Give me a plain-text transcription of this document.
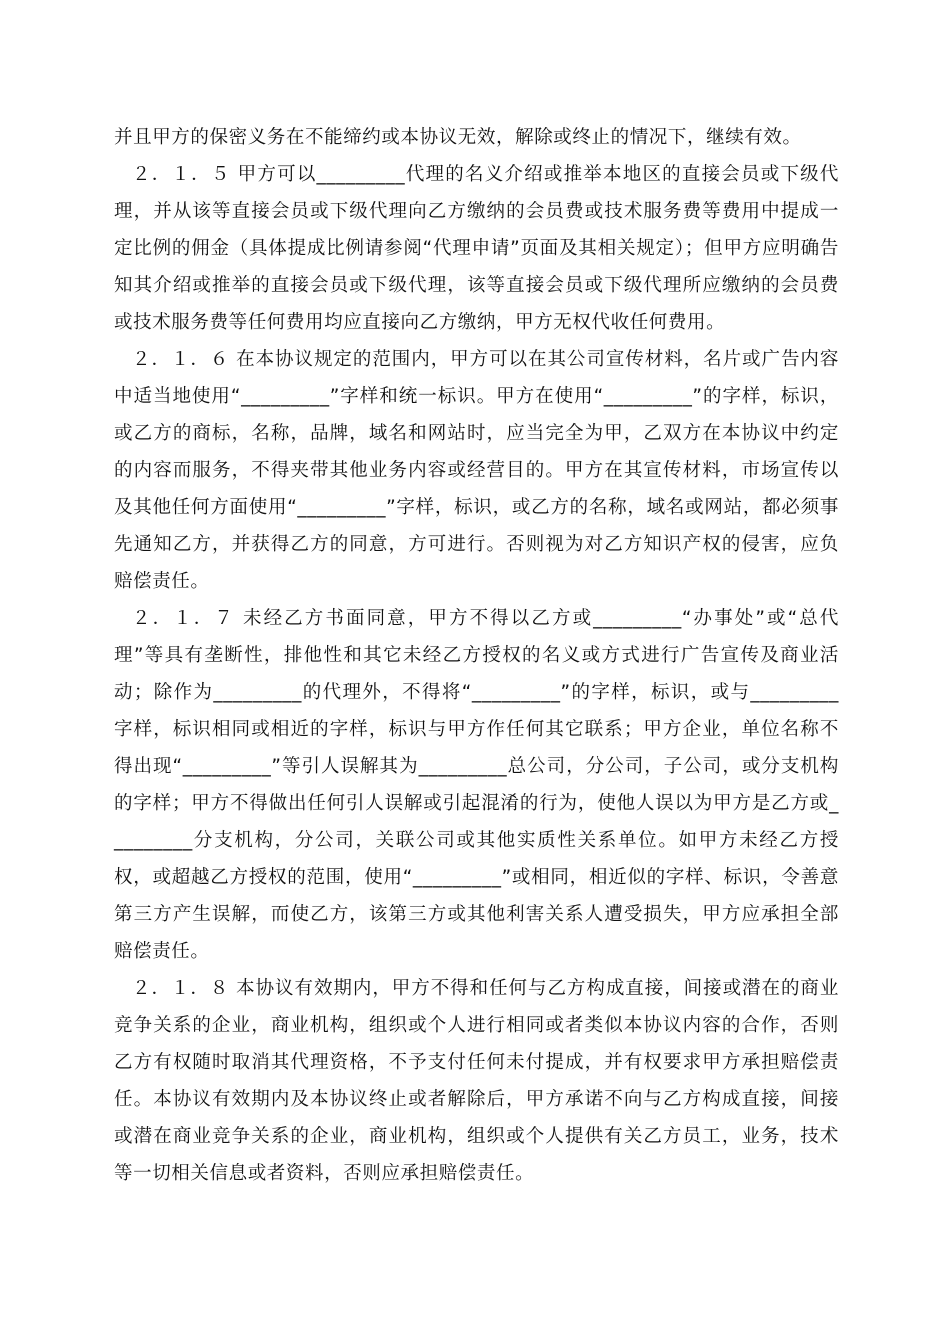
并且甲方的保密义务在不能缔约或本协议无效，解除或终止的情况下，继续有效。

２．１．５ 甲方可以_________代理的名义介绍或推举本地区的直接会员或下级代理，并从该等直接会员或下级代理向乙方缴纳的会员费或技术服务费等费用中提成一定比例的佣金（具体提成比例请参阅“代理申请”页面及其相关规定）；但甲方应明确告知其介绍或推举的直接会员或下级代理，该等直接会员或下级代理所应缴纳的会员费或技术服务费等任何费用均应直接向乙方缴纳，甲方无权代收任何费用。

２．１．６ 在本协议规定的范围内，甲方可以在其公司宣传材料，名片或广告内容中适当地使用“_________”字样和统一标识。甲方在使用“_________”的字样，标识，或乙方的商标，名称，品牌，域名和网站时，应当完全为甲，乙双方在本协议中约定的内容而服务，不得夹带其他业务内容或经营目的。甲方在其宣传材料，市场宣传以及其他任何方面使用“_________”字样，标识，或乙方的名称，域名或网站，都必须事先通知乙方，并获得乙方的同意，方可进行。否则视为对乙方知识产权的侵害，应负赔偿责任。

２．１．７ 未经乙方书面同意，甲方不得以乙方或_________“办事处”或“总代理”等具有垄断性，排他性和其它未经乙方授权的名义或方式进行广告宣传及商业活动；除作为_________的代理外，不得将“_________”的字样，标识，或与_________字样，标识相同或相近的字样，标识与甲方作任何其它联系；甲方企业，单位名称不得出现“_________”等引人误解其为_________总公司，分公司，子公司，或分支机构的字样；甲方不得做出任何引人误解或引起混淆的行为，使他人误以为甲方是乙方或_________分支机构，分公司，关联公司或其他实质性关系单位。如甲方未经乙方授权，或超越乙方授权的范围，使用“_________”或相同，相近似的字样、标识，令善意第三方产生误解，而使乙方，该第三方或其他利害关系人遭受损失，甲方应承担全部赔偿责任。

２．１．８ 本协议有效期内，甲方不得和任何与乙方构成直接，间接或潜在的商业竞争关系的企业，商业机构，组织或个人进行相同或者类似本协议内容的合作，否则乙方有权随时取消其代理资格，不予支付任何未付提成，并有权要求甲方承担赔偿责任。本协议有效期内及本协议终止或者解除后，甲方承诺不向与乙方构成直接，间接或潜在商业竞争关系的企业，商业机构，组织或个人提供有关乙方员工，业务，技术等一切相关信息或者资料，否则应承担赔偿责任。
